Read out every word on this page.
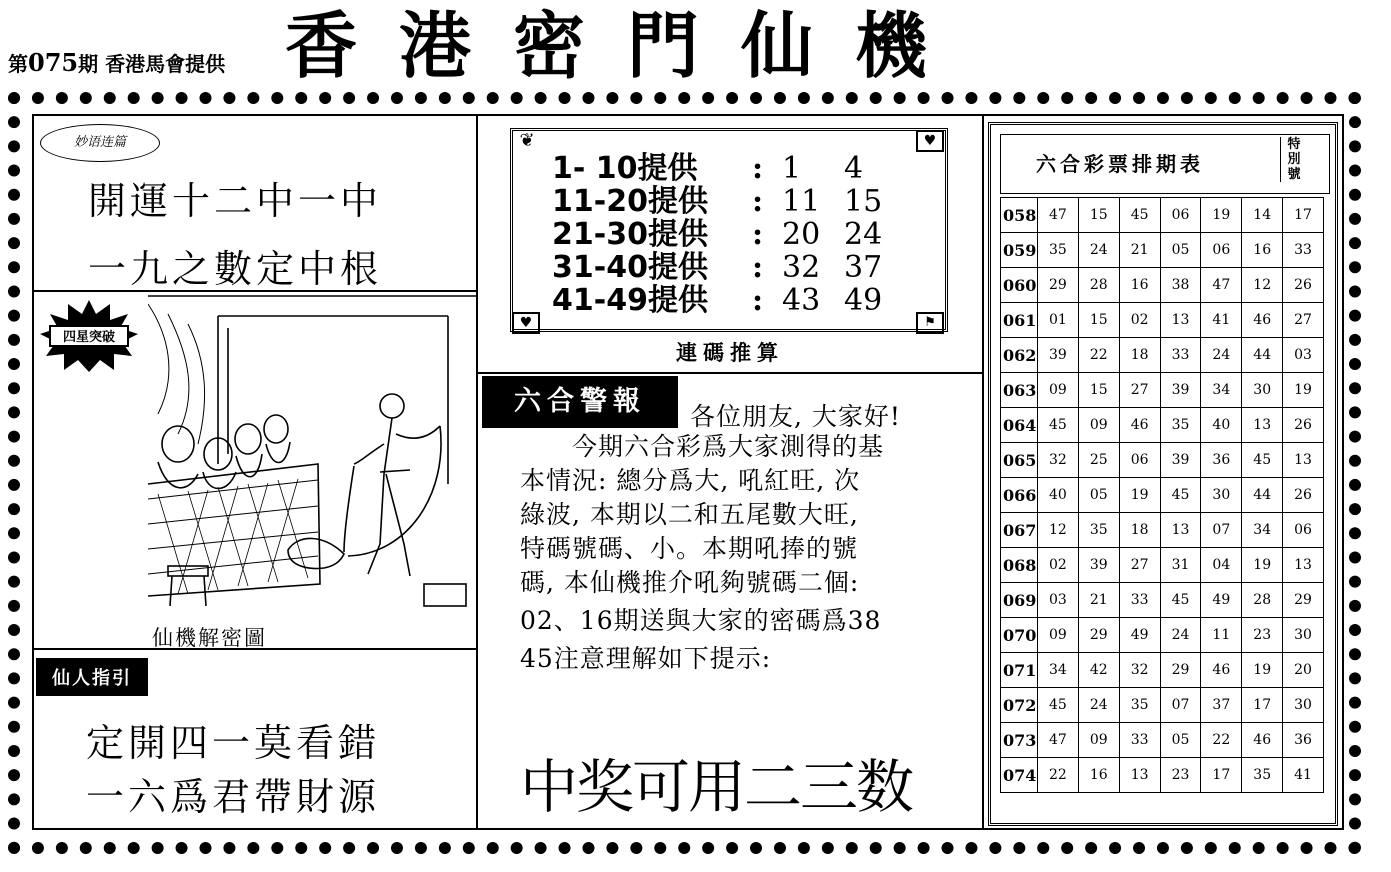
第075期 香港馬會提供 香港密門仙機
妙语连篇
開運十二中一中
一九之數定中根
四星突破
仙機解密圖
仙人指引
定開四一莫看錯
一六爲君帶財源
♥
♥	⚑
❦
1- 10提供 : 1 4
11-20提供 : 11 15
21-30提供 : 20 24
31-40提供 : 32 37
41-49提供 : 43 49
連碼推算
六合警報	各位朋友, 大家好!
今期六合彩爲大家測得的基
本情況: 總分爲大, 吼紅旺, 次
綠波, 本期以二和五尾數大旺,
特碼號碼、小。本期吼捧的號
碼, 本仙機推介吼夠號碼二個:
02、16期送與大家的密碼爲38
45注意理解如下提示:
中奖可用二三数
六合彩票排期表
特
別
號
058	47	15	45	06	19	14	17
059	35	24	21	05	06	16	33
060	29	28	16	38	47	12	26
061	01	15	02	13	41	46	27
062	39	22	18	33	24	44	03
063	09	15	27	39	34	30	19
064	45	09	46	35	40	13	26
065	32	25	06	39	36	45	13
066	40	05	19	45	30	44	26
067	12	35	18	13	07	34	06
068	02	39	27	31	04	19	13
069	03	21	33	45	49	28	29
070	09	29	49	24	11	23	30
071	34	42	32	29	46	19	20
072	45	24	35	07	37	17	30
073	47	09	33	05	22	46	36
074	22	16	13	23	17	35	41
